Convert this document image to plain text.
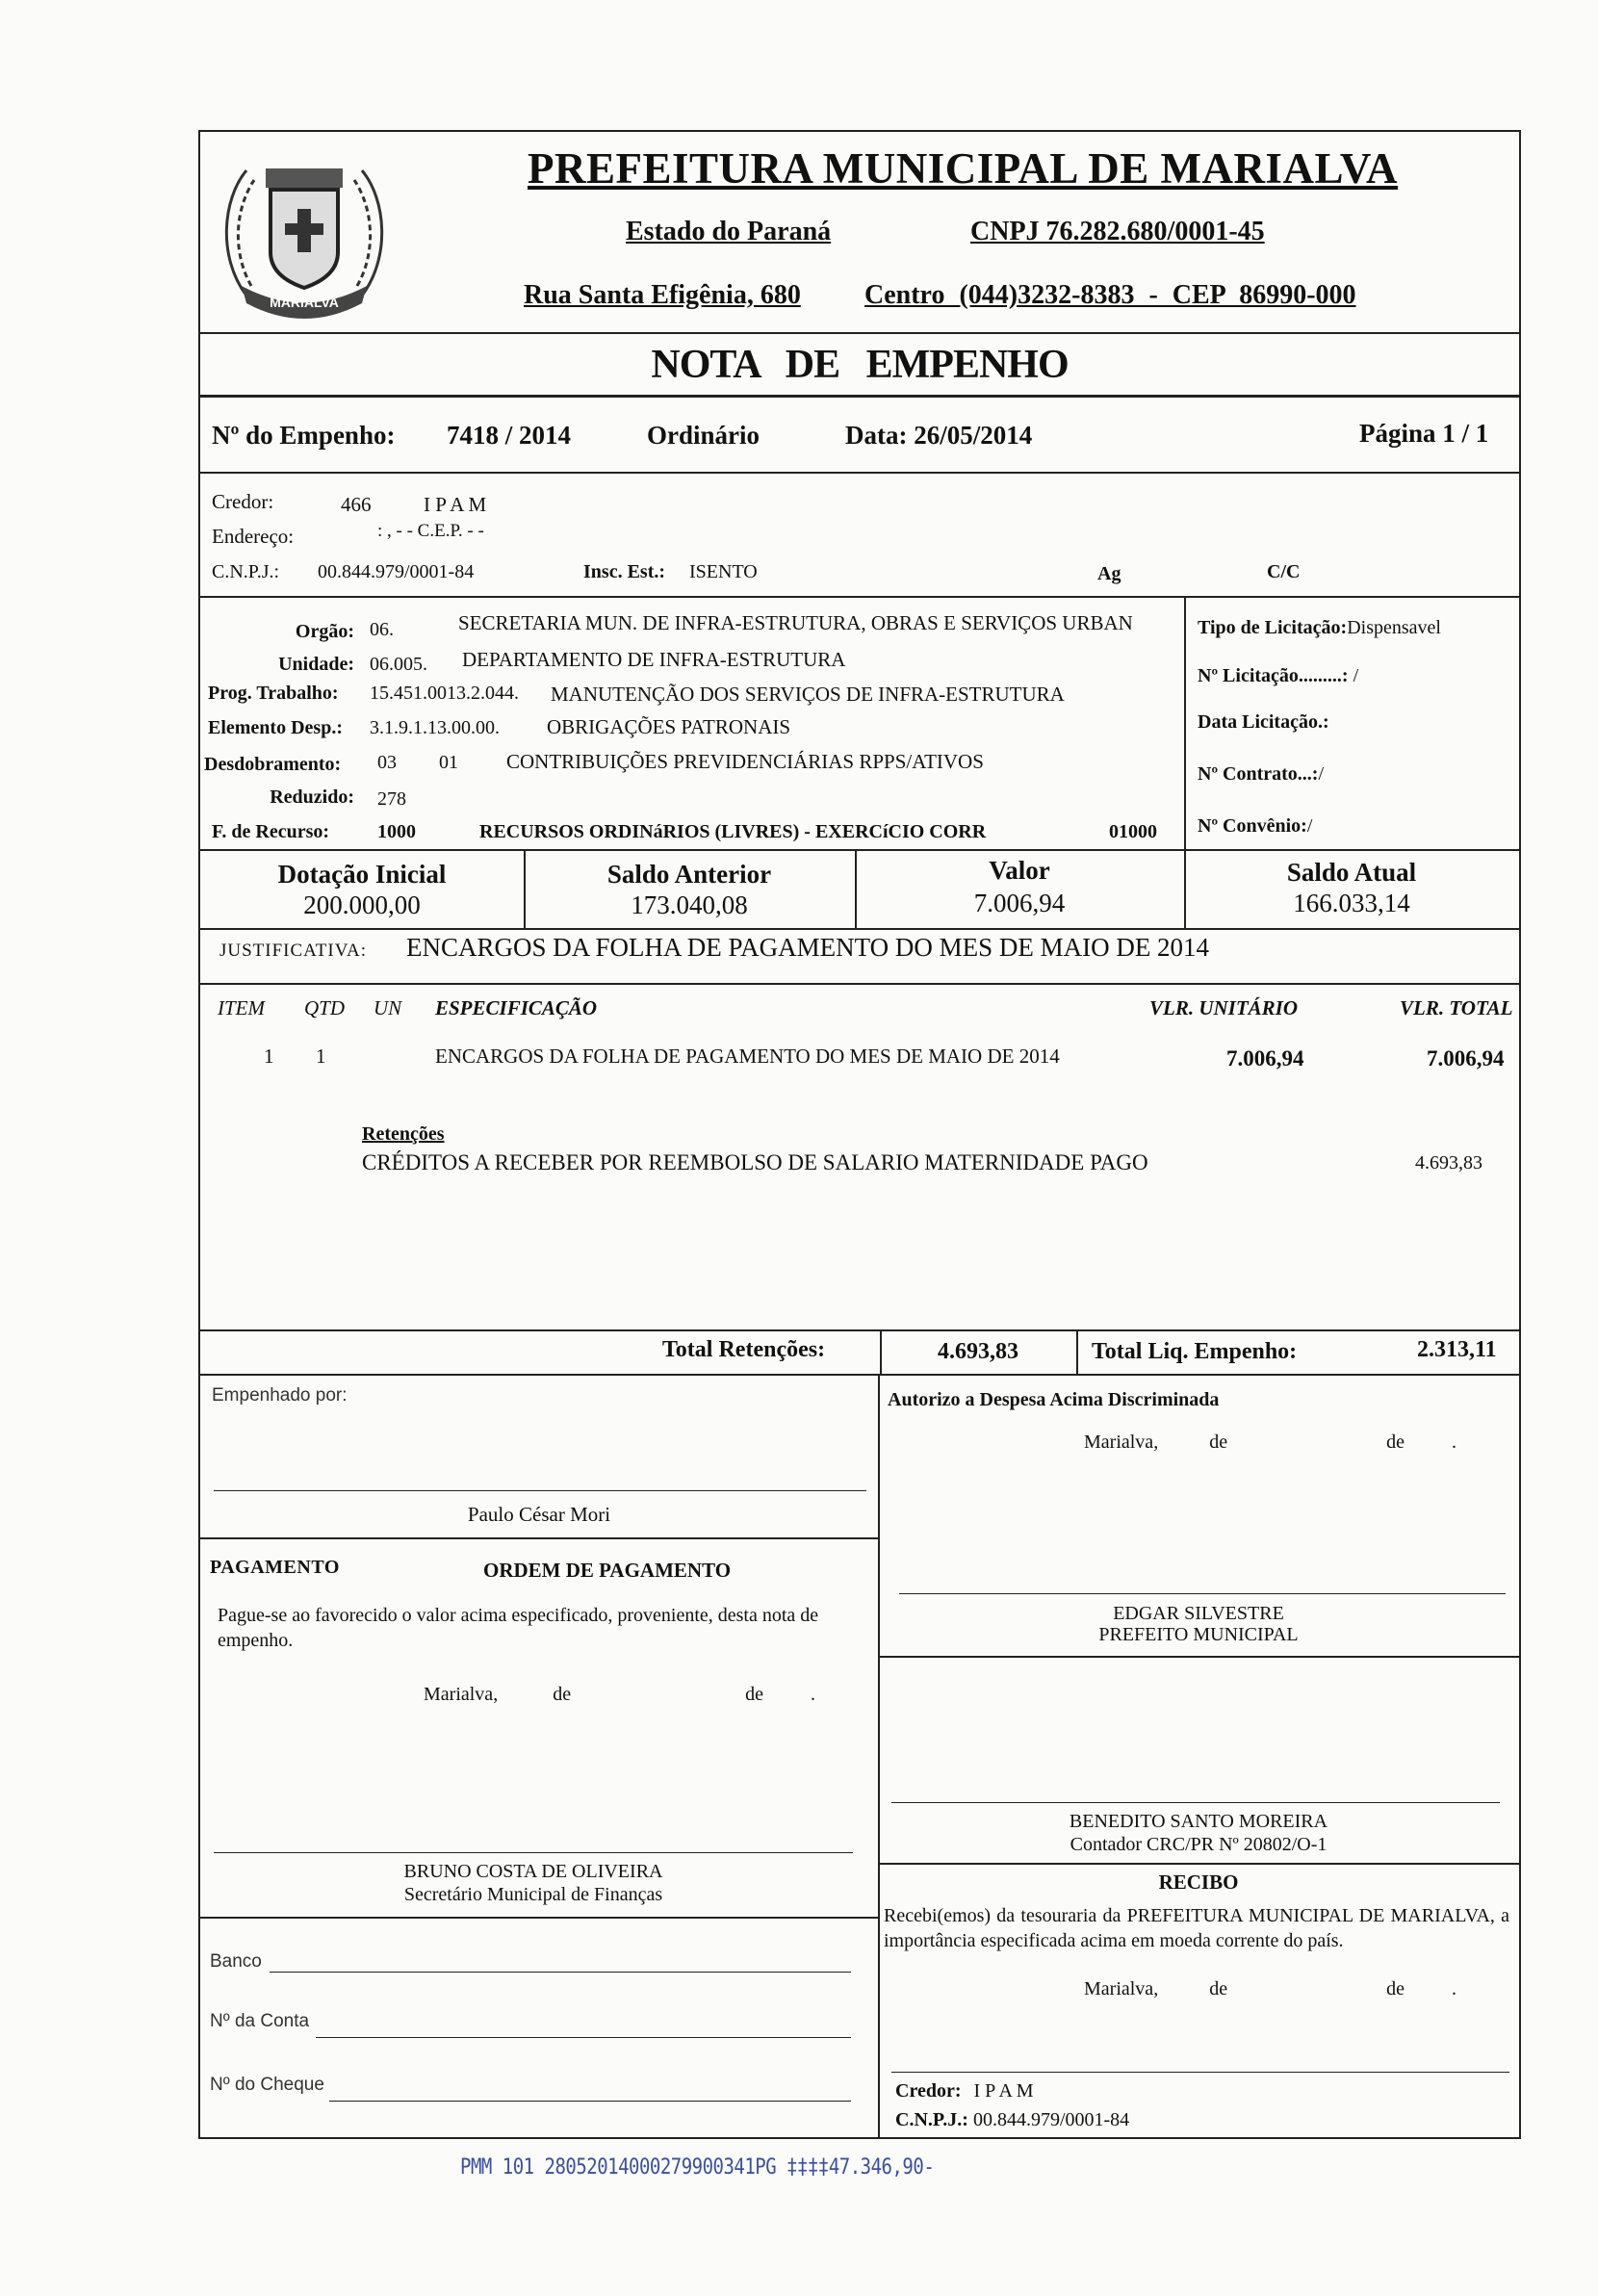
MARIALVA
PREFEITURA MUNICIPAL DE MARIALVA
Estado do Paraná	CNPJ 76.282.680/0001-45
Rua Santa Efigênia, 680 Centro (044)3232-8383 - CEP 86990-000
NOTA DE EMPENHO
Nº do Empenho: 7418 / 2014	Ordinário	Data: 26/05/2014	Página 1 / 1
Credor:	466	I P A M
Endereço:	: , - - C.E.P. - -
C.N.P.J.: 00.844.979/0001-84	Insc. Est.: ISENTO	Ag	C/C
Orgão: 06.	SECRETARIA MUN. DE INFRA-ESTRUTURA, OBRAS E SERVIÇOS URBAN
Unidade: 06.005. DEPARTAMENTO DE INFRA-ESTRUTURA
Prog. Trabalho: 15.451.0013.2.044. MANUTENÇÃO DOS SERVIÇOS DE INFRA-ESTRUTURA
Elemento Desp.: 3.1.9.1.13.00.00. OBRIGAÇÕES PATRONAIS
Desdobramento: 03 01 CONTRIBUIÇÕES PREVIDENCIÁRIAS RPPS/ATIVOS
Reduzido: 278
F. de Recurso: 1000	RECURSOS ORDINáRIOS (LIVRES) - EXERCíCIO CORR	01000
Tipo de Licitação:Dispensavel
Nº Licitação.........: /
Data Licitação.:
Nº Contrato...:/
Nº Convênio:/
Dotação Inicial
200.000,00
Saldo Anterior
173.040,08
Valor
7.006,94
Saldo Atual
166.033,14
JUSTIFICATIVA: ENCARGOS DA FOLHA DE PAGAMENTO DO MES DE MAIO DE 2014
ITEM QTD UN ESPECIFICAÇÃO	VLR. UNITÁRIO	VLR. TOTAL
1 1	ENCARGOS DA FOLHA DE PAGAMENTO DO MES DE MAIO DE 2014	7.006,94	7.006,94
Retenções
CRÉDITOS A RECEBER POR REEMBOLSO DE SALARIO MATERNIDADE PAGO	4.693,83
Total Retenções:	4.693,83	Total Liq. Empenho:	2.313,11
Empenhado por:
Paulo César Mori
PAGAMENTO	ORDEM DE PAGAMENTO
Pague-se ao favorecido o valor acima especificado, proveniente, desta nota de empenho.
Marialva,	de	de .
BRUNO COSTA DE OLIVEIRA
Secretário Municipal de Finanças
Banco
Nº da Conta
Nº do Cheque
Autorizo a Despesa Acima Discriminada
Marialva,	de	de .
EDGAR SILVESTRE
PREFEITO MUNICIPAL
BENEDITO SANTO MOREIRA
Contador CRC/PR Nº 20802/O-1
RECIBO
Recebi(emos) da tesouraria da PREFEITURA MUNICIPAL DE MARIALVA, a importância especificada acima em moeda corrente do país.
Marialva,	de	de .
Credor: I P A M
C.N.P.J.: 00.844.979/0001-84
PMM 101 28052014000279900341PG ‡‡‡‡47.346,90-
